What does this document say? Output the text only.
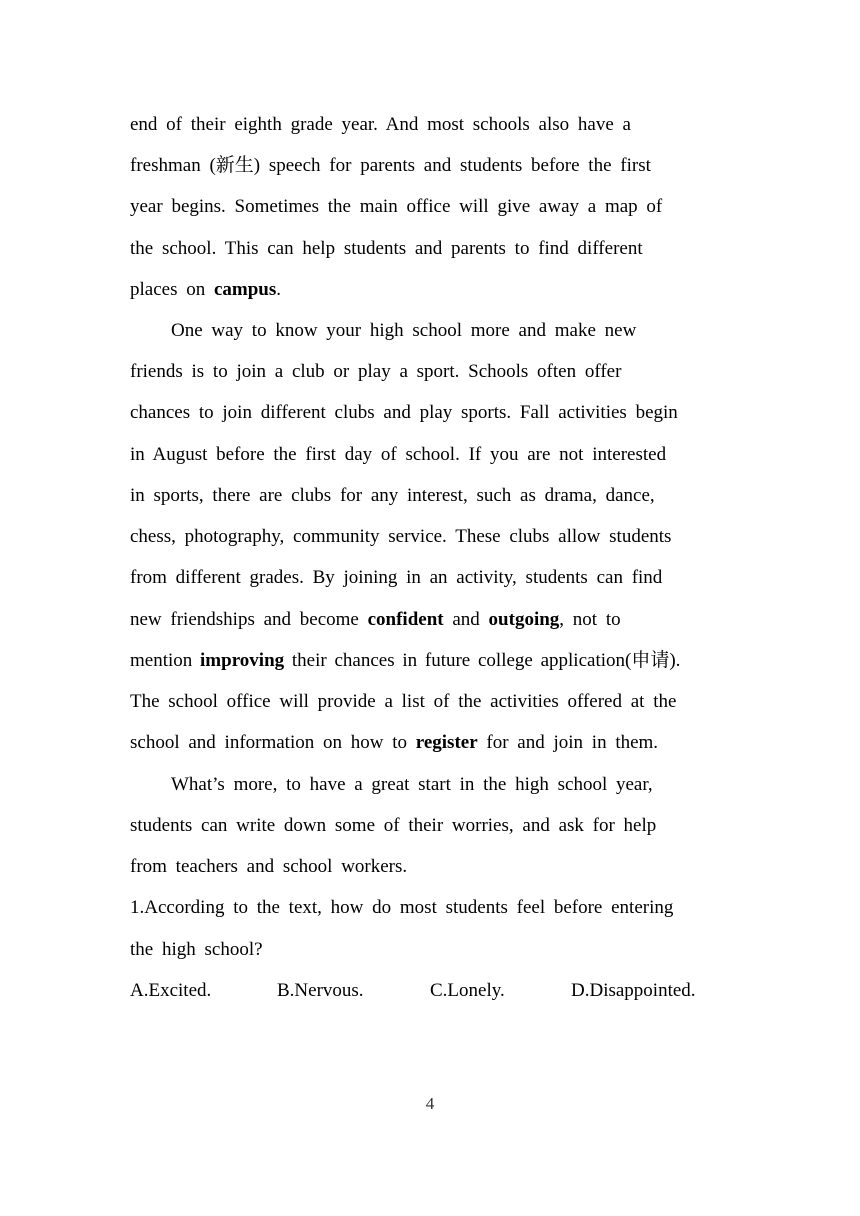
end of their eighth grade year. And most schools also have a
freshman (新生) speech for parents and students before the first
year begins. Sometimes the main office will give away a map of
the school. This can help students and parents to find different
places on campus.
One way to know your high school more and make new
friends is to join a club or play a sport. Schools often offer
chances to join different clubs and play sports. Fall activities begin
in August before the first day of school. If you are not interested
in sports, there are clubs for any interest, such as drama, dance,
chess, photography, community service. These clubs allow students
from different grades. By joining in an activity, students can find
new friendships and become confident and outgoing, not to
mention improving their chances in future college application(申请).
The school office will provide a list of the activities offered at the
school and information on how to register for and join in them.
What’s more, to have a great start in the high school year,
students can write down some of their worries, and ask for help
from teachers and school workers.
1.According to the text, how do most students feel before entering
the high school?
A.Excited.	B.Nervous.	C.Lonely.	D.Disappointed.
4
